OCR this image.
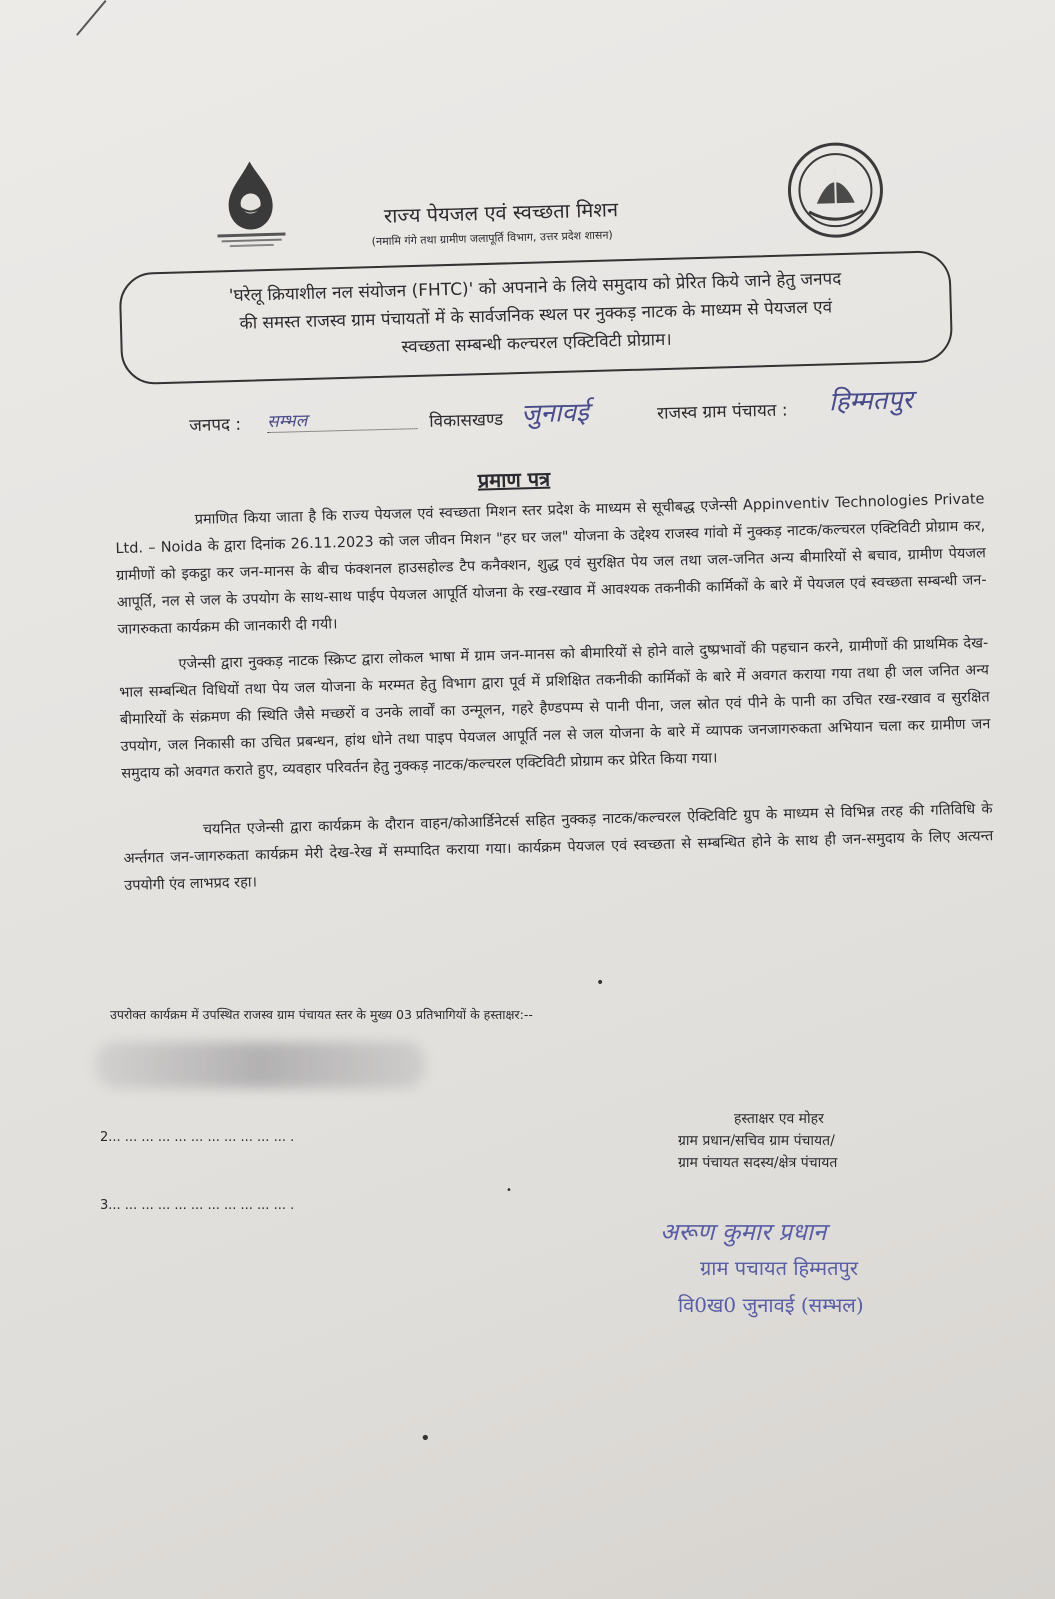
राज्य पेयजल एवं स्वच्छता मिशन
(नमामि गंगे तथा ग्रामीण जलापूर्ति विभाग, उत्तर प्रदेश शासन)
'घरेलू क्रियाशील नल संयोजन (FHTC)' को अपनाने के लिये समुदाय को प्रेरित किये जाने हेतु जनपद
की समस्त राजस्व ग्राम पंचायतों में के सार्वजनिक स्थल पर नुक्कड़ नाटक के माध्यम से पेयजल एवं
स्वच्छता सम्बन्धी कल्चरल एक्टिविटी प्रोग्राम।
जनपद : सम्भल	विकासखण्ड जुनावई	राजस्व ग्राम पंचायत : हिम्मतपुर
प्रमाण पत्र

प्रमाणित किया जाता है कि राज्य पेयजल एवं स्वच्छता मिशन स्तर प्रदेश के माध्यम से सूचीबद्ध एजेन्सी Appinventiv Technologies Private Ltd. – Noida के द्वारा दिनांक 26.11.2023 को जल जीवन मिशन "हर घर जल" योजना के उद्देश्य राजस्व गांवो में नुक्कड़ नाटक/कल्चरल एक्टिविटी प्रोग्राम कर, ग्रामीणों को इकट्ठा कर जन-मानस के बीच फंक्शनल हाउसहोल्ड टैप कनैक्शन, शुद्ध एवं सुरक्षित पेय जल तथा जल-जनित अन्य बीमारियों से बचाव, ग्रामीण पेयजल आपूर्ति, नल से जल के उपयोग के साथ-साथ पाईप पेयजल आपूर्ति योजना के रख-रखाव में आवश्यक तकनीकी कार्मिकों के बारे में पेयजल एवं स्वच्छता सम्बन्धी जन-जागरुकता कार्यक्रम की जानकारी दी गयी।

एजेन्सी द्वारा नुक्कड़ नाटक स्क्रिप्ट द्वारा लोकल भाषा में ग्राम जन-मानस को बीमारियों से होने वाले दुष्प्रभावों की पहचान करने, ग्रामीणों की प्राथमिक देख-भाल सम्बन्धित विधियों तथा पेय जल योजना के मरम्मत हेतु विभाग द्वारा पूर्व में प्रशिक्षित तकनीकी कार्मिकों के बारे में अवगत कराया गया तथा ही जल जनित अन्य बीमारियों के संक्रमण की स्थिति जैसे मच्छरों व उनके लार्वों का उन्मूलन, गहरे हैण्डपम्प से पानी पीना, जल स्रोत एवं पीने के पानी का उचित रख-रखाव व सुरक्षित उपयोग, जल निकासी का उचित प्रबन्धन, हांथ धोने तथा पाइप पेयजल आपूर्ति नल से जल योजना के बारे में व्यापक जनजागरुकता अभियान चला कर ग्रामीण जन समुदाय को अवगत कराते हुए, व्यवहार परिवर्तन हेतु नुक्कड़ नाटक/कल्चरल एक्टिविटी प्रोग्राम कर प्रेरित किया गया।

चयनित एजेन्सी द्वारा कार्यक्रम के दौरान वाहन/कोआर्डिनेटर्स सहित नुक्कड़ नाटक/कल्चरल ऐक्टिविटि ग्रुप के माध्यम से विभिन्न तरह की गतिविधि के अर्न्तगत जन-जागरुकता कार्यक्रम मेरी देख-रेख में सम्पादित कराया गया। कार्यक्रम पेयजल एवं स्वच्छता से सम्बन्धित होने के साथ ही जन-समुदाय के लिए अत्यन्त उपयोगी एंव लाभप्रद रहा।

उपरोक्त कार्यक्रम में उपस्थित राजस्व ग्राम पंचायत स्तर के मुख्य 03 प्रतिभागियों के हस्ताक्षर:--
2... ... ... ... ... ... ... ... ... ... ... .
3... ... ... ... ... ... ... ... ... ... ... .
हस्ताक्षर एव मोहर
ग्राम प्रधान/सचिव ग्राम पंचायत/
ग्राम पंचायत सदस्य/क्षेत्र पंचायत
अरूण कुमार प्रधान
ग्राम पचायत हिम्मतपुर
वि0ख0 जुनावई (सम्भल)
•
•
•
